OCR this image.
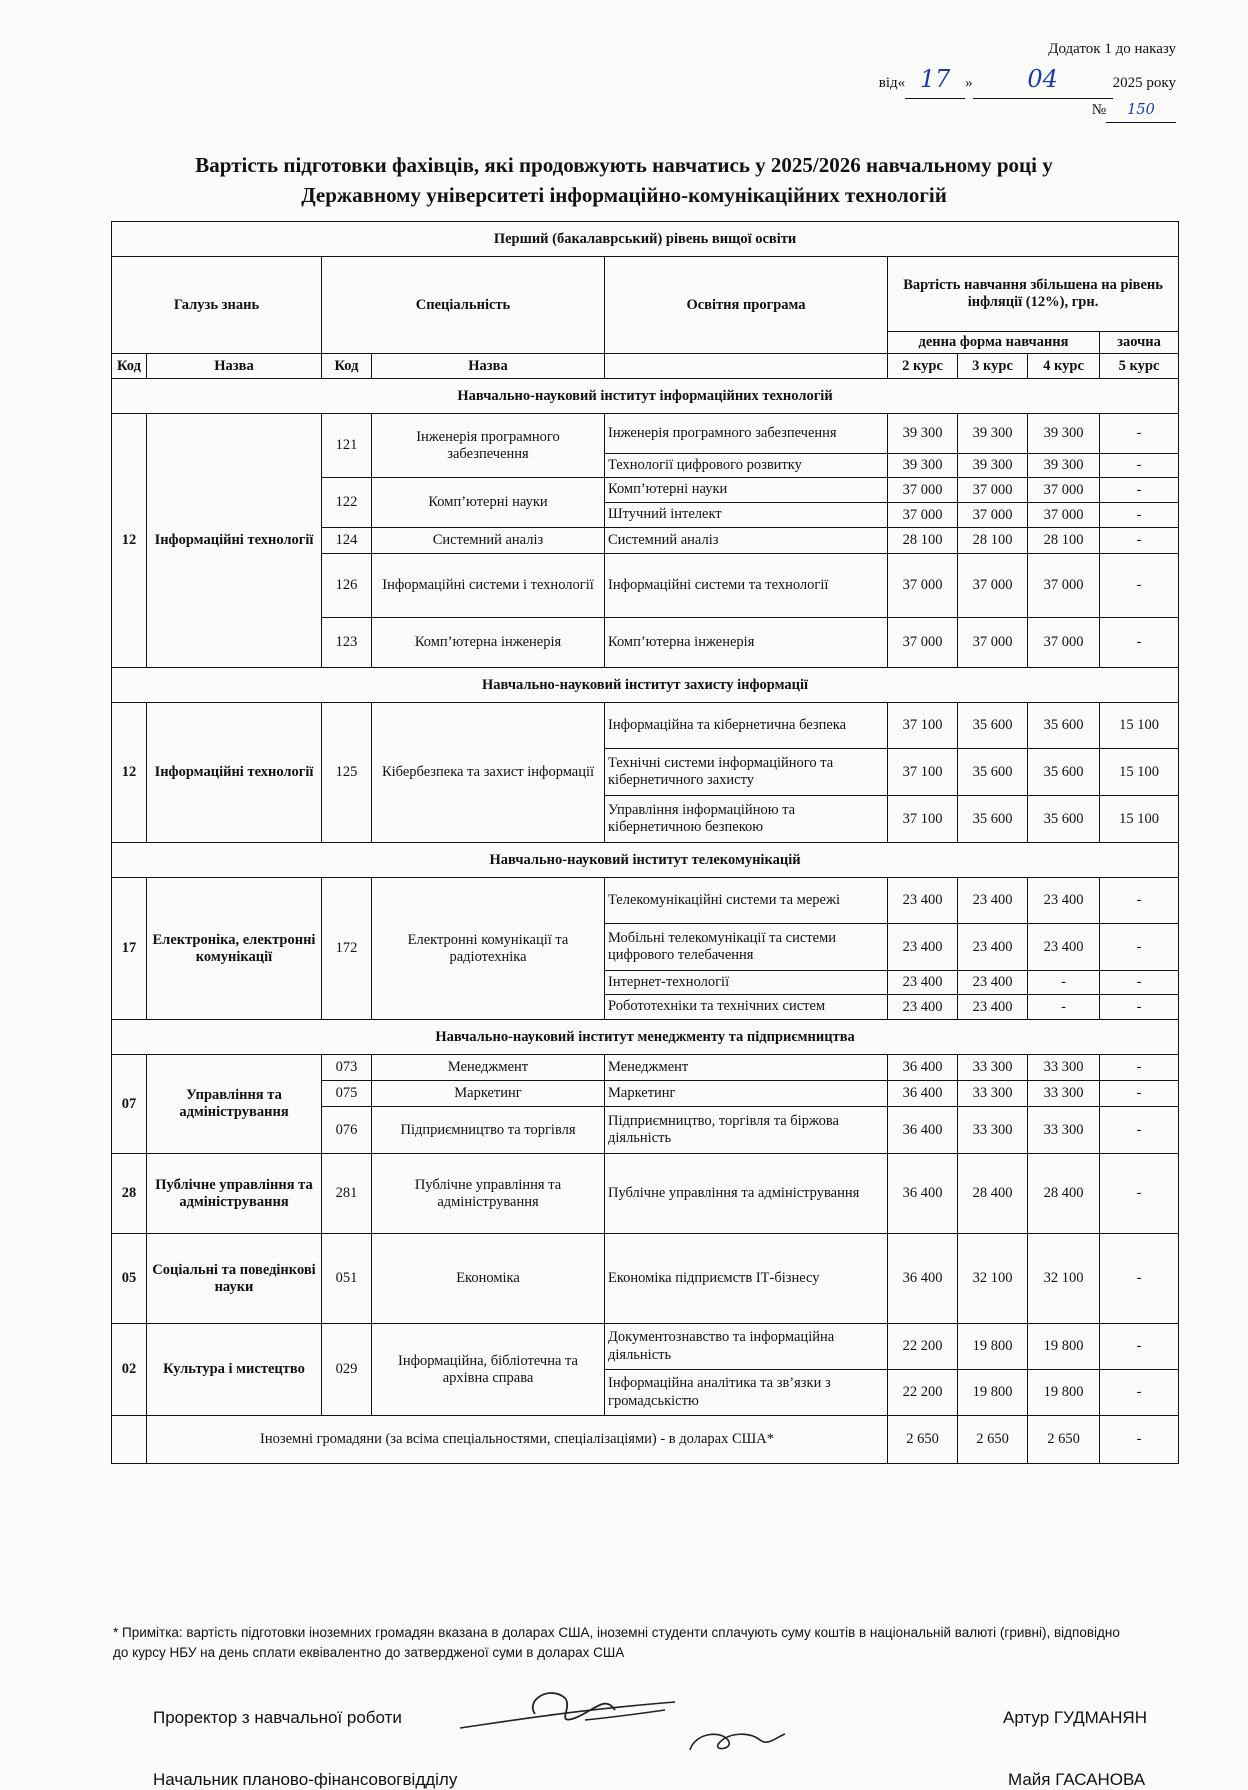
Додаток 1 до наказу
від« 17 » 04	2025 року
№ 150
Вартість підготовки фахівців, які продовжують навчатись у 2025/2026 навчальному році у
Державному університеті інформаційно-комунікаційних технологій
Перший (бакалаврський) рівень вищої освіти								
Галузь знань		Спеціальність		Освітня програма	Вартість навчання збільшена на рівень інфляції (12%), грн.			
					денна форма навчання			заочна
Код	Назва	Код	Назва		2 курс	3 курс	4 курс	5 курс
Навчально-науковий інститут інформаційних технологій								
12	Інформаційні технології	121	Інженерія програмного забезпечення	Інженерія програмного забезпечення	39 300	39 300	39 300	-
				Технології цифрового розвитку	39 300	39 300	39 300	-
		122	Комп’ютерні науки	Комп’ютерні науки	37 000	37 000	37 000	-
				Штучний інтелект	37 000	37 000	37 000	-
		124	Системний аналіз	Системний аналіз	28 100	28 100	28 100	-
		126	Інформаційні системи і технології	Інформаційні системи та технології	37 000	37 000	37 000	-
		123	Комп’ютерна інженерія	Комп’ютерна інженерія	37 000	37 000	37 000	-
Навчально-науковий інститут захисту інформації								
12	Інформаційні технології	125	Кібербезпека та захист інформації	Інформаційна та кібернетична безпека	37 100	35 600	35 600	15 100
				Технічні системи інформаційного та кібернетичного захисту	37 100	35 600	35 600	15 100
				Управління інформаційною та кібернетичною безпекою	37 100	35 600	35 600	15 100
Навчально-науковий інститут телекомунікацій								
17	Електроніка, електронні комунікації	172	Електронні комунікації та радіотехніка	Телекомунікаційні системи та мережі	23 400	23 400	23 400	-
				Мобільні телекомунікації та системи цифрового телебачення	23 400	23 400	23 400	-
				Інтернет-технології	23 400	23 400	-	-
				Робототехніки та технічних систем	23 400	23 400	-	-
Навчально-науковий інститут менеджменту та підприємництва								
07	Управління та адміністрування	073	Менеджмент	Менеджмент	36 400	33 300	33 300	-
		075	Маркетинг	Маркетинг	36 400	33 300	33 300	-
		076	Підприємництво та торгівля	Підприємництво, торгівля та біржова діяльність	36 400	33 300	33 300	-
28	Публічне управління та адміністрування	281	Публічне управління та адміністрування	Публічне управління та адміністрування	36 400	28 400	28 400	-
05	Соціальні та поведінкові науки	051	Економіка	Економіка підприємств ІТ-бізнесу	36 400	32 100	32 100	-
02	Культура і мистецтво	029	Інформаційна, бібліотечна та архівна справа	Документознавство та інформаційна діяльність	22 200	19 800	19 800	-
				Інформаційна аналітика та зв’язки з громадськістю	22 200	19 800	19 800	-
	Іноземні громадяни (за всіма спеціальностями, спеціалізаціями) - в доларах США*				2 650	2 650	2 650	-
* Примітка: вартість підготовки іноземних громадян вказана в доларах США, іноземні студенти сплачують суму коштів в національній валюті (гривні), відповідно до курсу НБУ на день сплати еквівалентно до затвердженої суми в доларах США
Проректор з навчальної роботи	Артур ГУДМАНЯН
Начальник планово-фінансовогвідділу	Майя ГАСАНОВА
